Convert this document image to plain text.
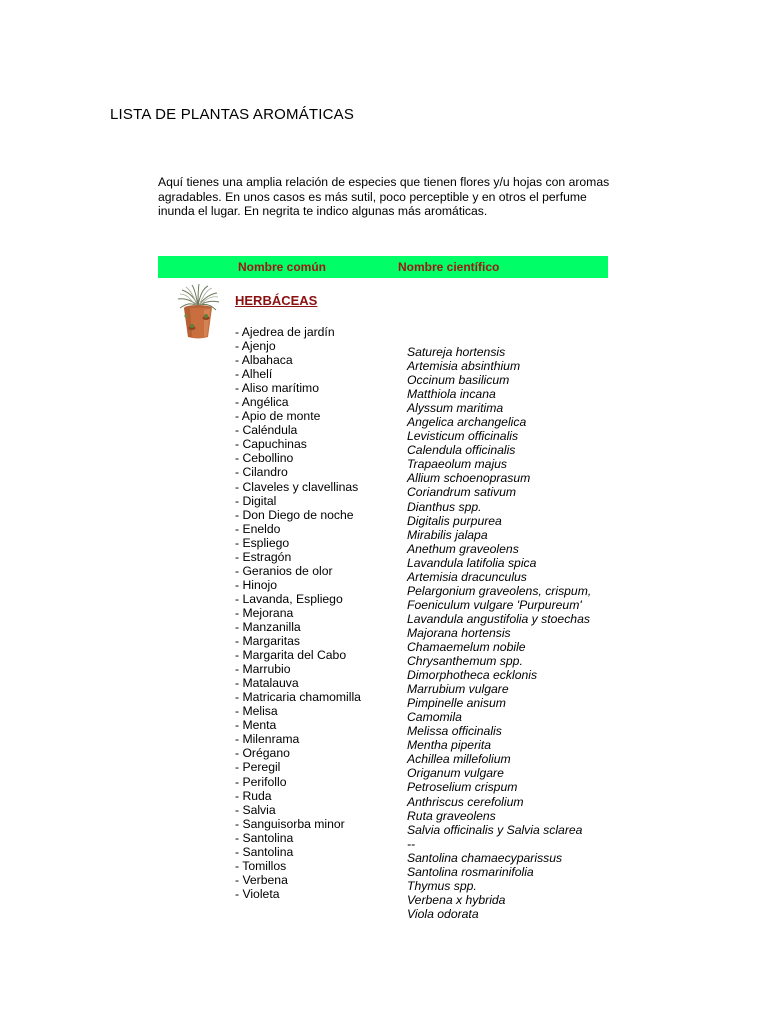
LISTA DE PLANTAS AROMÁTICAS

Aquí tienes una amplia relación de especies que tienen flores y/u hojas con aromas agradables. En unos casos es más sutil, poco perceptible y en otros el perfume inunda el lugar. En negrita te indico algunas más aromáticas.

Nombre común	Nombre científico
HERBÁCEAS
- Ajedrea de jardín
- Ajenjo
- Albahaca
- Alhelí
- Aliso marítimo
- Angélica
- Apio de monte
- Caléndula
- Capuchinas
- Cebollino
- Cilandro
- Claveles y clavellinas
- Digital
- Don Diego de noche
- Eneldo
- Espliego
- Estragón
- Geranios de olor
- Hinojo
- Lavanda, Espliego
- Mejorana
- Manzanilla
- Margaritas
- Margarita del Cabo
- Marrubio
- Matalauva
- Matricaria chamomilla
- Melisa
- Menta
- Milenrama
- Orégano
- Peregil
- Perifollo
- Ruda
- Salvia
- Sanguisorba minor
- Santolina
- Santolina
- Tomillos
- Verbena
- Violeta
Satureja hortensis
Artemisia absinthium
Occinum basilicum
Matthiola incana
Alyssum maritima
Angelica archangelica
Levisticum officinalis
Calendula officinalis
Trapaeolum majus
Allium schoenoprasum
Coriandrum sativum
Dianthus spp.
Digitalis purpurea
Mirabilis jalapa
Anethum graveolens
Lavandula latifolia spica
Artemisia dracunculus
Pelargonium graveolens, crispum,
Foeniculum vulgare 'Purpureum'
Lavandula angustifolia y stoechas
Majorana hortensis
Chamaemelum nobile
Chrysanthemum spp.
Dimorphotheca ecklonis
Marrubium vulgare
Pimpinelle anisum
Camomila
Melissa officinalis
Mentha piperita
Achillea millefolium
Origanum vulgare
Petroselium crispum
Anthriscus cerefolium
Ruta graveolens
Salvia officinalis y Salvia sclarea
--
Santolina chamaecyparissus
Santolina rosmarinifolia
Thymus spp.
Verbena x hybrida
Viola odorata
